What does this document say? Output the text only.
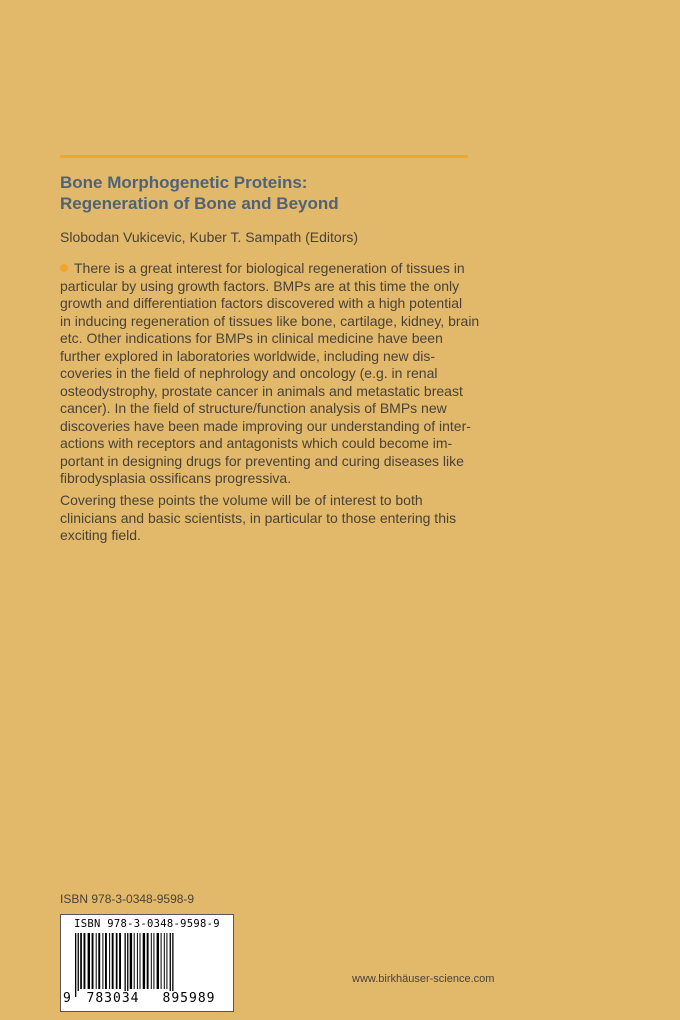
Bone Morphogenetic Proteins:
Regeneration of Bone and Beyond
Slobodan Vukicevic, Kuber T. Sampath (Editors)
There is a great interest for biological regeneration of tissues in
particular by using growth factors. BMPs are at this time the only
growth and differentiation factors discovered with a high potential
in inducing regeneration of tissues like bone, cartilage, kidney, brain
etc. Other indications for BMPs in clinical medicine have been
further explored in laboratories worldwide, including new dis-
coveries in the field of nephrology and oncology (e.g. in renal
osteodystrophy, prostate cancer in animals and metastatic breast
cancer). In the field of structure/function analysis of BMPs new
discoveries have been made improving our understanding of inter-
actions with receptors and antagonists which could become im-
portant in designing drugs for preventing and curing diseases like
fibrodysplasia ossificans progressiva.
Covering these points the volume will be of interest to both
clinicians and basic scientists, in particular to those entering this
exciting field.
ISBN 978-3-0348-9598-9
ISBN 978-3-0348-9598-9
9	783034	895989
www.birkhäuser-science.com
